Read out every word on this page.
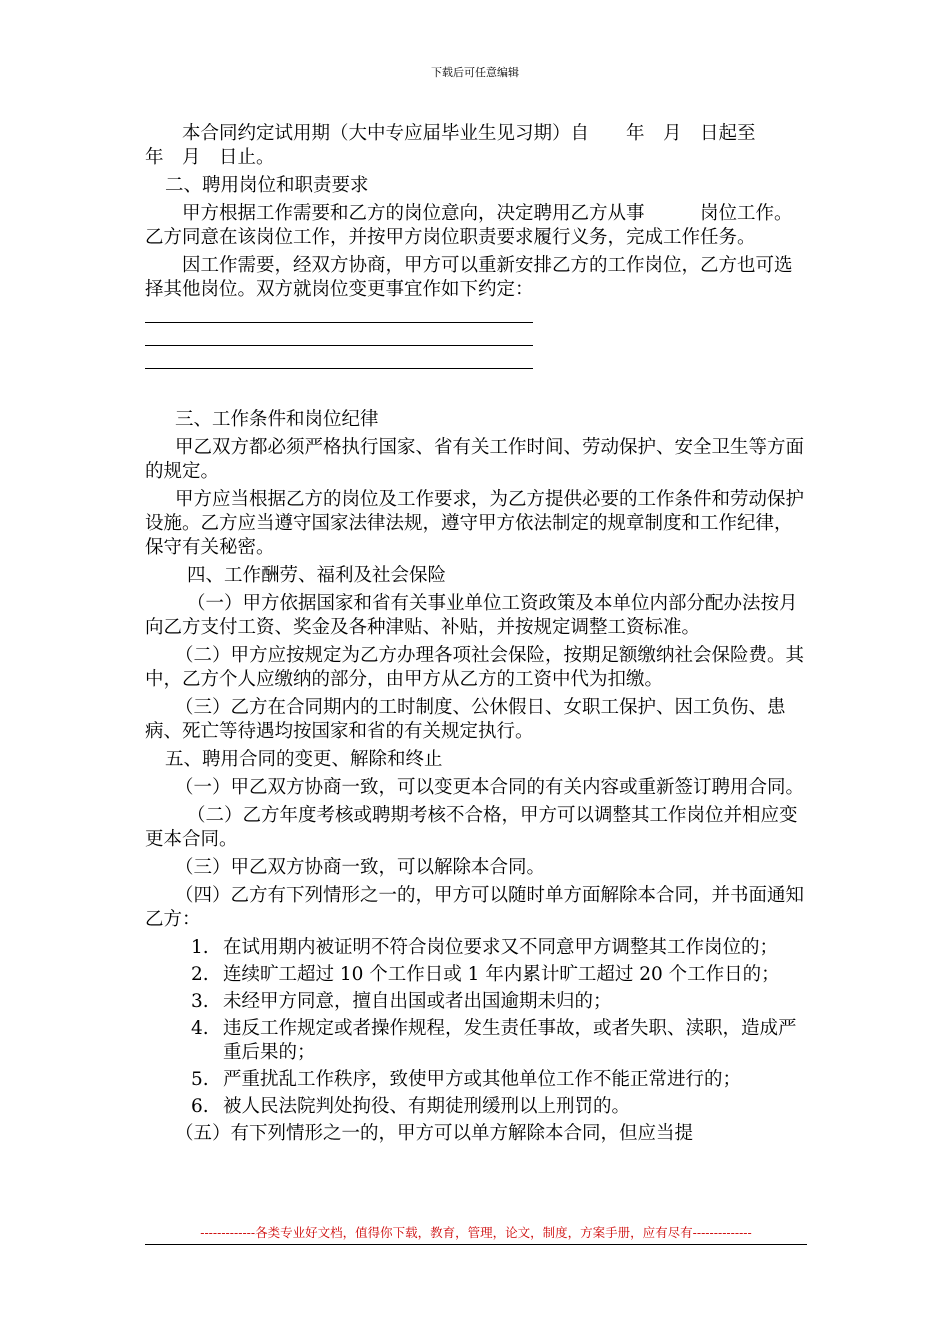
下载后可任意编辑

本合同约定试用期（大中专应届毕业生见习期）自　　年　月　日起至　　年　月　日止。

二、聘用岗位和职责要求

甲方根据工作需要和乙方的岗位意向，决定聘用乙方从事　　　岗位工作。乙方同意在该岗位工作，并按甲方岗位职责要求履行义务，完成工作任务。

因工作需要，经双方协商，甲方可以重新安排乙方的工作岗位，乙方也可选择其他岗位。双方就岗位变更事宜作如下约定：

三、工作条件和岗位纪律

甲乙双方都必须严格执行国家、省有关工作时间、劳动保护、安全卫生等方面的规定。

甲方应当根据乙方的岗位及工作要求，为乙方提供必要的工作条件和劳动保护设施。乙方应当遵守国家法律法规，遵守甲方依法制定的规章制度和工作纪律，保守有关秘密。

四、工作酬劳、福利及社会保险

（一）甲方依据国家和省有关事业单位工资政策及本单位内部分配办法按月向乙方支付工资、奖金及各种津贴、补贴，并按规定调整工资标准。

（二）甲方应按规定为乙方办理各项社会保险，按期足额缴纳社会保险费。其中，乙方个人应缴纳的部分，由甲方从乙方的工资中代为扣缴。

（三）乙方在合同期内的工时制度、公休假日、女职工保护、因工负伤、患病、死亡等待遇均按国家和省的有关规定执行。

五、聘用合同的变更、解除和终止

（一）甲乙双方协商一致，可以变更本合同的有关内容或重新签订聘用合同。

（二）乙方年度考核或聘期考核不合格，甲方可以调整其工作岗位并相应变更本合同。

（三）甲乙双方协商一致，可以解除本合同。

（四）乙方有下列情形之一的，甲方可以随时单方面解除本合同，并书面通知乙方：

1. 在试用期内被证明不符合岗位要求又不同意甲方调整其工作岗位的；
2. 连续旷工超过 10 个工作日或 1 年内累计旷工超过 20 个工作日的；
3. 未经甲方同意，擅自出国或者出国逾期未归的；
4. 违反工作规定或者操作规程，发生责任事故，或者失职、渎职，造成严重后果的；
5. 严重扰乱工作秩序，致使甲方或其他单位工作不能正常进行的；
6. 被人民法院判处拘役、有期徒刑缓刑以上刑罚的。

（五）有下列情形之一的，甲方可以单方解除本合同，但应当提

-------------各类专业好文档，值得你下载，教育，管理，论文，制度，方案手册，应有尽有--------------
